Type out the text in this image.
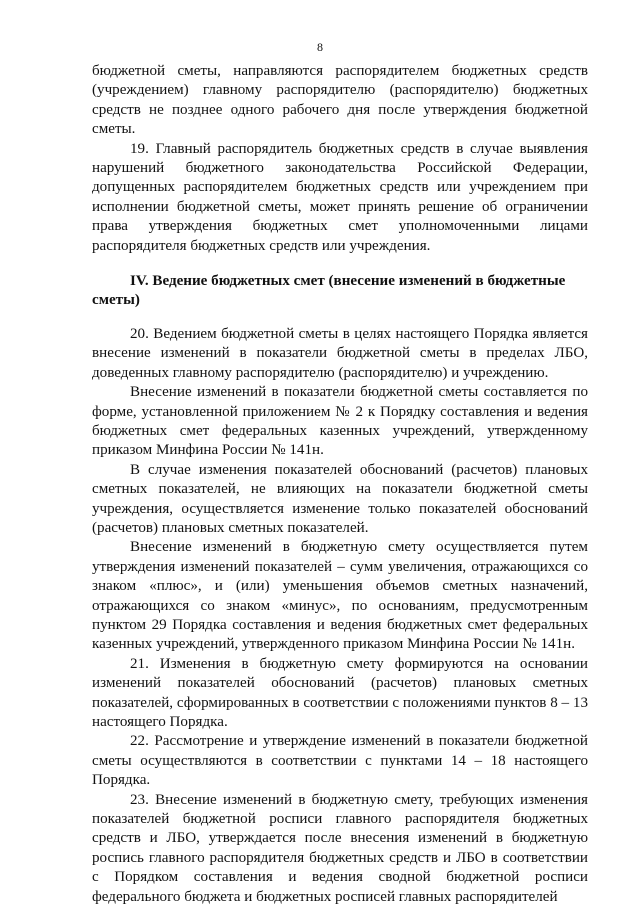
8

бюджетной сметы, направляются распорядителем бюджетных средств (учреждением) главному распорядителю (распорядителю) бюджетных средств не позднее одного рабочего дня после утверждения бюджетной сметы.

19. Главный распорядитель бюджетных средств в случае выявления нарушений бюджетного законодательства Российской Федерации, допущенных распорядителем бюджетных средств или учреждением при исполнении бюджетной сметы, может принять решение об ограничении права утверждения бюджетных смет уполномоченными лицами распорядителя бюджетных средств или учреждения.

IV. Ведение бюджетных смет (внесение изменений в бюджетные сметы)

20. Ведением бюджетной сметы в целях настоящего Порядка является внесение изменений в показатели бюджетной сметы в пределах ЛБО, доведенных главному распорядителю (распорядителю) и учреждению.

Внесение изменений в показатели бюджетной сметы составляется по форме, установленной приложением № 2 к Порядку составления и ведения бюджетных смет федеральных казенных учреждений, утвержденному приказом Минфина России № 141н.

В случае изменения показателей обоснований (расчетов) плановых сметных показателей, не влияющих на показатели бюджетной сметы учреждения, осуществляется изменение только показателей обоснований (расчетов) плановых сметных показателей.

Внесение изменений в бюджетную смету осуществляется путем утверждения изменений показателей – сумм увеличения, отражающихся со знаком «плюс», и (или) уменьшения объемов сметных назначений, отражающихся со знаком «минус», по основаниям, предусмотренным пунктом 29 Порядка составления и ведения бюджетных смет федеральных казенных учреждений, утвержденного приказом Минфина России № 141н.

21. Изменения в бюджетную смету формируются на основании изменений показателей обоснований (расчетов) плановых сметных показателей, сформированных в соответствии с положениями пунктов 8 – 13 настоящего Порядка.

22. Рассмотрение и утверждение изменений в показатели бюджетной сметы осуществляются в соответствии с пунктами 14 – 18 настоящего Порядка.

23. Внесение изменений в бюджетную смету, требующих изменения показателей бюджетной росписи главного распорядителя бюджетных средств и ЛБО, утверждается после внесения изменений в бюджетную роспись главного распорядителя бюджетных средств и ЛБО в соответствии с Порядком составления и ведения сводной бюджетной росписи федерального бюджета и бюджетных росписей главных распорядителей
